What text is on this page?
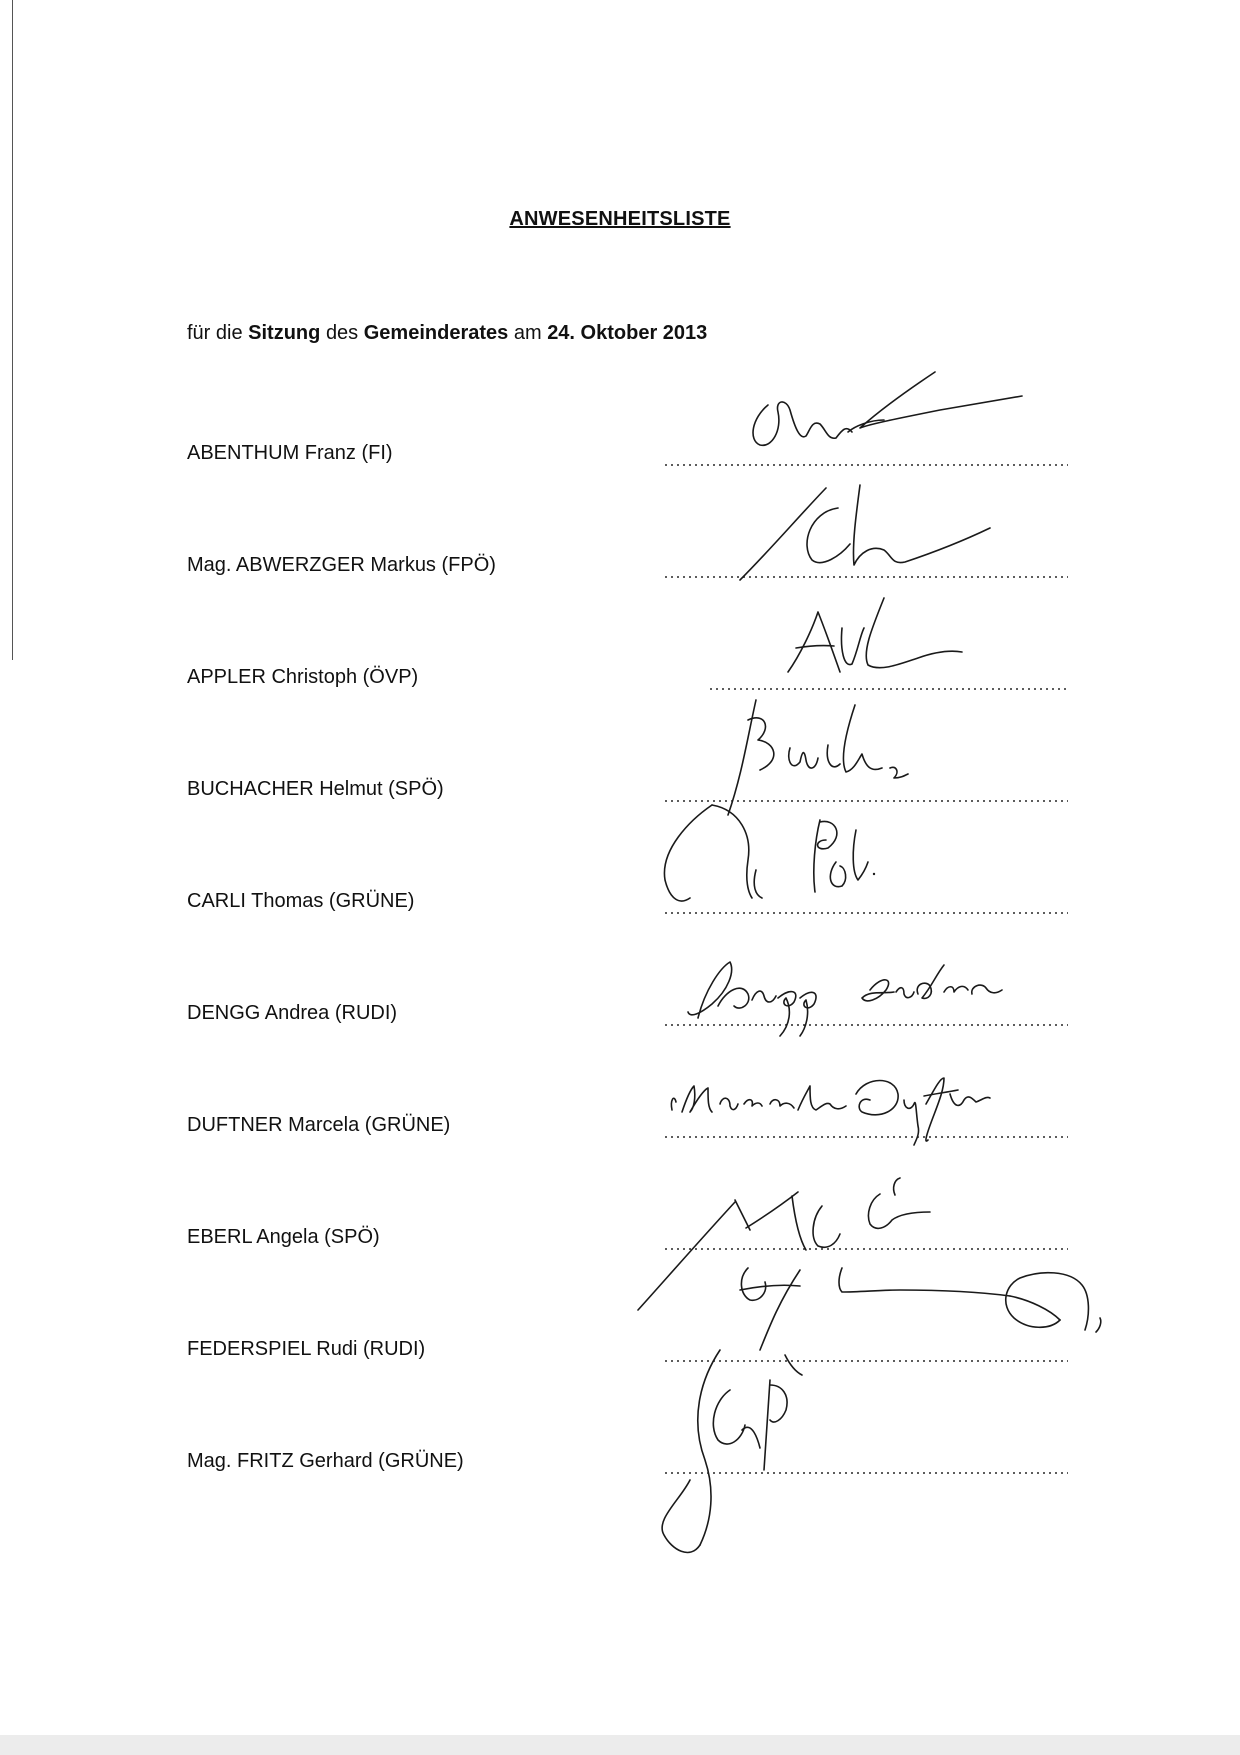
ANWESENHEITSLISTE
für die Sitzung des Gemeinderates am 24. Oktober 2013
ABENTHUM Franz (FI)
Mag. ABWERZGER Markus (FPÖ)
APPLER Christoph (ÖVP)
BUCHACHER Helmut (SPÖ)
CARLI Thomas (GRÜNE)
DENGG Andrea (RUDI)
DUFTNER Marcela (GRÜNE)
EBERL Angela (SPÖ)
FEDERSPIEL Rudi (RUDI)
Mag. FRITZ Gerhard (GRÜNE)
